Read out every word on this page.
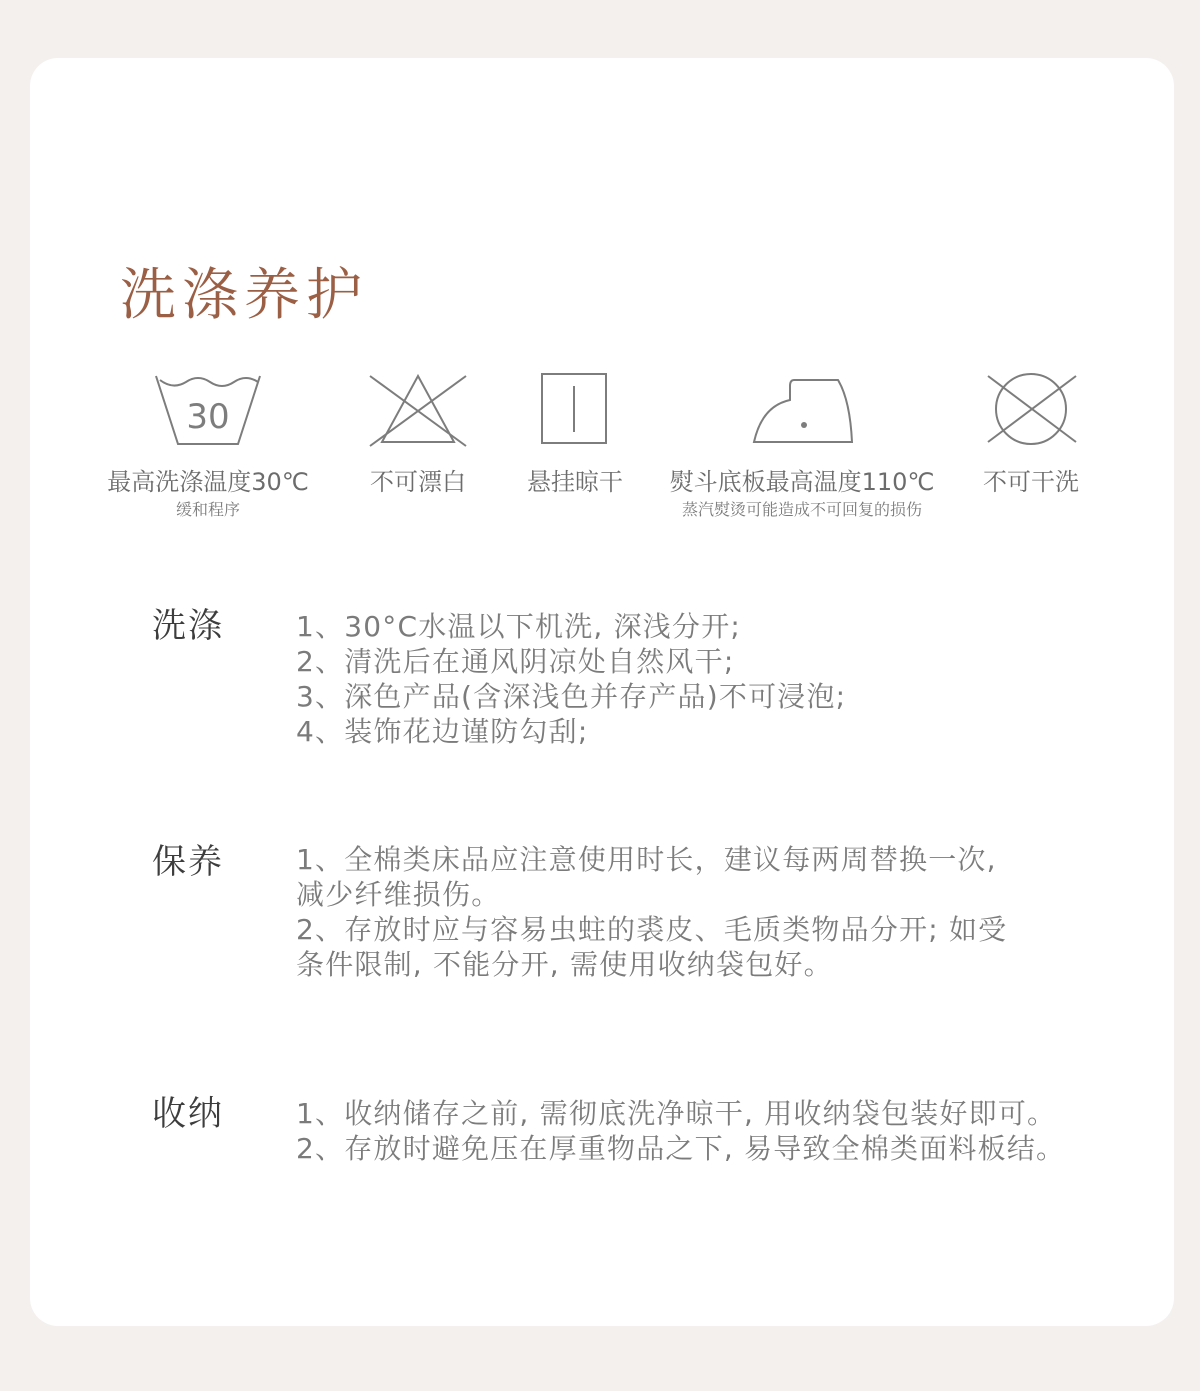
洗涤养护
30
最高洗涤温度30℃
缓和程序
不可漂白	悬挂晾干	熨斗底板最高温度110℃
蒸汽熨烫可能造成不可回复的损伤
不可干洗
洗涤	1、30°C水温以下机洗, 深浅分开;
2、清洗后在通风阴凉处自然风干;
3、深色产品(含深浅色并存产品)不可浸泡;
4、装饰花边谨防勾刮;
保养	1、全棉类床品应注意使用时长，建议每两周替换一次,
减少纤维损伤。
2、存放时应与容易虫蛀的裘皮、毛质类物品分开; 如受
条件限制, 不能分开, 需使用收纳袋包好。
收纳	1、收纳储存之前, 需彻底洗净晾干, 用收纳袋包装好即可。
2、存放时避免压在厚重物品之下, 易导致全棉类面料板结。
